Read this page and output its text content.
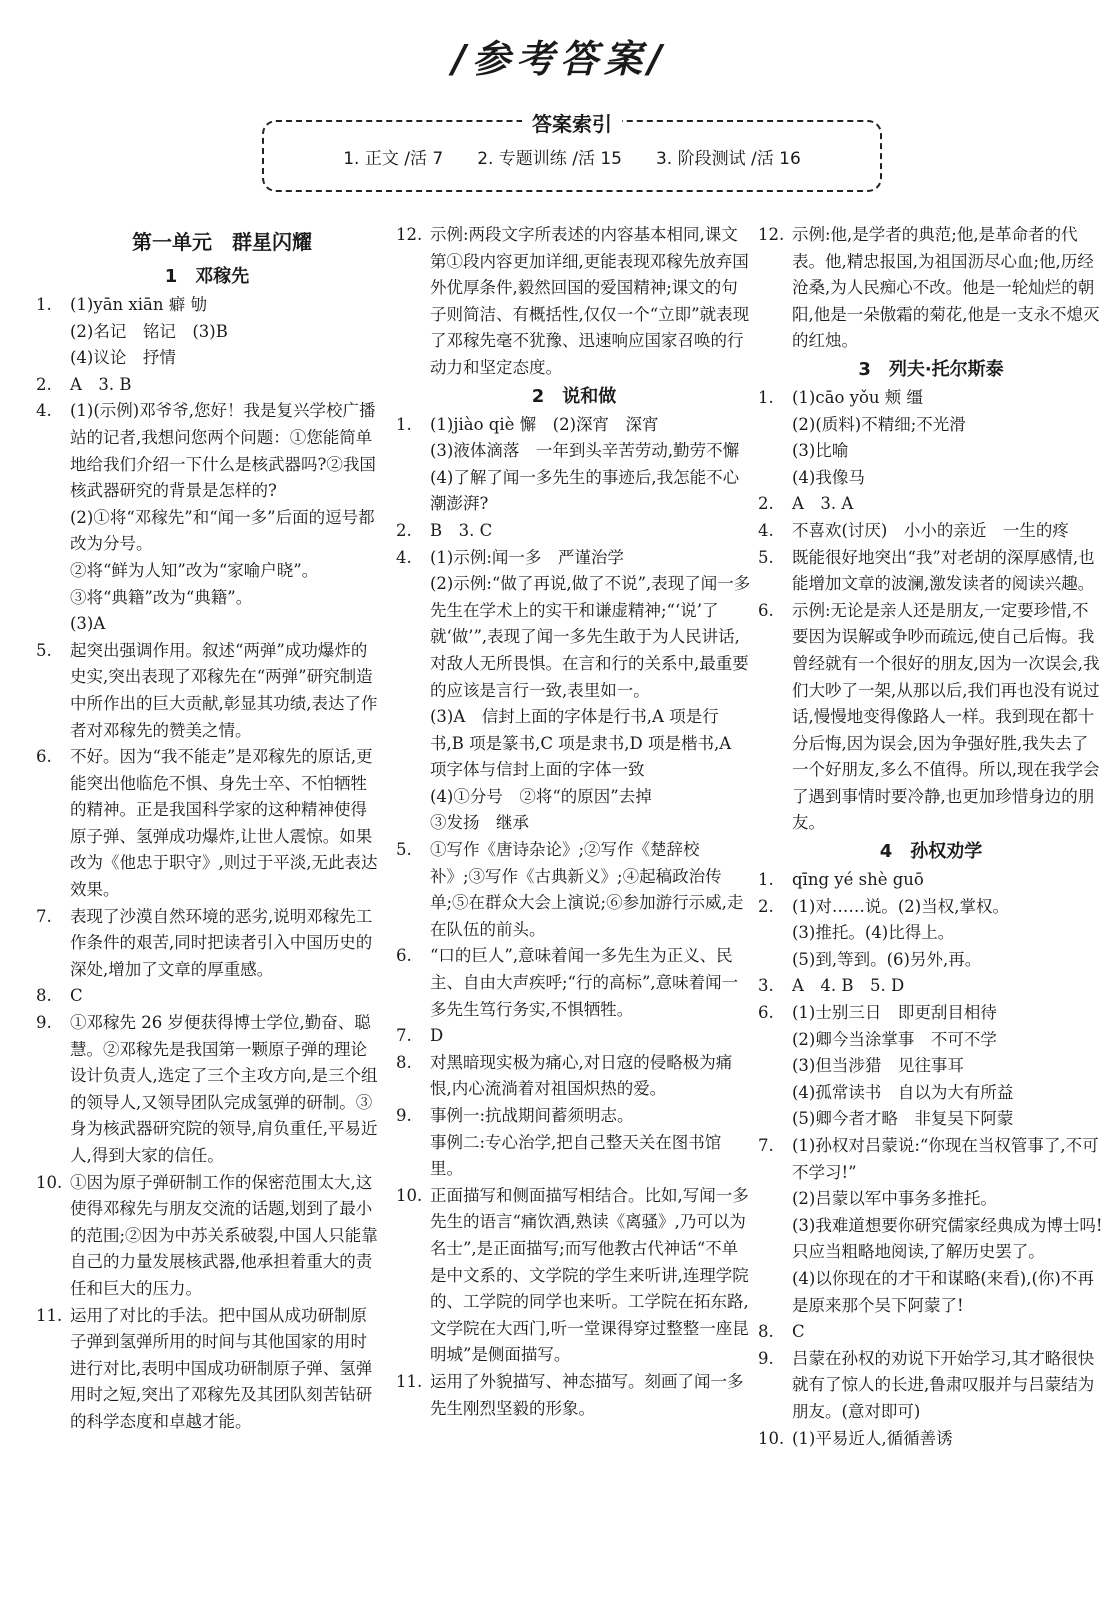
/参考答案/
答案索引
1. 正文 /活 7 2. 专题训练 /活 15 3. 阶段测试 /活 16
第一单元　群星闪耀
1　邓稼先
1.	(1)yān xiān 癖 劬
(2)名记　铭记　(3)B
(4)议论　抒情
2.	A　3. B
4.	(1)(示例)邓爷爷,您好！我是复兴学校广播站的记者,我想问您两个问题：①您能简单地给我们介绍一下什么是核武器吗?②我国核武器研究的背景是怎样的?
(2)①将“邓稼先”和“闻一多”后面的逗号都改为分号。
②将“鲜为人知”改为“家喻户晓”。
③将“典籍”改为“典籍”。
(3)A
5.	起突出强调作用。叙述“两弹”成功爆炸的史实,突出表现了邓稼先在“两弹”研究制造中所作出的巨大贡献,彰显其功绩,表达了作者对邓稼先的赞美之情。
6.	不好。因为“我不能走”是邓稼先的原话,更能突出他临危不惧、身先士卒、不怕牺牲的精神。正是我国科学家的这种精神使得原子弹、氢弹成功爆炸,让世人震惊。如果改为《他忠于职守》,则过于平淡,无此表达效果。
7.	表现了沙漠自然环境的恶劣,说明邓稼先工作条件的艰苦,同时把读者引入中国历史的深处,增加了文章的厚重感。
8.	C
9.	①邓稼先 26 岁便获得博士学位,勤奋、聪慧。②邓稼先是我国第一颗原子弹的理论设计负责人,选定了三个主攻方向,是三个组的领导人,又领导团队完成氢弹的研制。③身为核武器研究院的领导,肩负重任,平易近人,得到大家的信任。
10. ①因为原子弹研制工作的保密范围太大,这使得邓稼先与朋友交流的话题,划到了最小的范围;②因为中苏关系破裂,中国人只能靠自己的力量发展核武器,他承担着重大的责任和巨大的压力。
11. 运用了对比的手法。把中国从成功研制原子弹到氢弹所用的时间与其他国家的用时进行对比,表明中国成功研制原子弹、氢弹用时之短,突出了邓稼先及其团队刻苦钻研的科学态度和卓越才能。
12. 示例:两段文字所表述的内容基本相同,课文第①段内容更加详细,更能表现邓稼先放弃国外优厚条件,毅然回国的爱国精神;课文的句子则简洁、有概括性,仅仅一个“立即”就表现了邓稼先毫不犹豫、迅速响应国家召唤的行动力和坚定态度。
2　说和做
1.	(1)jiào qiè 懈　(2)深宵　深宵
(3)液体滴落　一年到头辛苦劳动,勤劳不懈
(4)了解了闻一多先生的事迹后,我怎能不心潮澎湃?
2.	B　3. C
4.	(1)示例:闻一多　严谨治学
(2)示例:“做了再说,做了不说”,表现了闻一多先生在学术上的实干和谦虚精神;“‘说’了就‘做’”,表现了闻一多先生敢于为人民讲话,对敌人无所畏惧。在言和行的关系中,最重要的应该是言行一致,表里如一。
(3)A　信封上面的字体是行书,A 项是行书,B 项是篆书,C 项是隶书,D 项是楷书,A 项字体与信封上面的字体一致
(4)①分号　②将“的原因”去掉
③发扬　继承
5.	①写作《唐诗杂论》;②写作《楚辞校补》;③写作《古典新义》;④起稿政治传单;⑤在群众大会上演说;⑥参加游行示威,走在队伍的前头。
6.	“口的巨人”,意味着闻一多先生为正义、民主、自由大声疾呼;“行的高标”,意味着闻一多先生笃行务实,不惧牺牲。
7.	D
8.	对黑暗现实极为痛心,对日寇的侵略极为痛恨,内心流淌着对祖国炽热的爱。
9.	事例一:抗战期间蓄须明志。
事例二:专心治学,把自己整天关在图书馆里。
10. 正面描写和侧面描写相结合。比如,写闻一多先生的语言“痛饮酒,熟读《离骚》,乃可以为名士”,是正面描写;而写他教古代神话“不单是中文系的、文学院的学生来听讲,连理学院的、工学院的同学也来听。工学院在拓东路,文学院在大西门,听一堂课得穿过整整一座昆明城”是侧面描写。
11. 运用了外貌描写、神态描写。刻画了闻一多先生刚烈坚毅的形象。
12. 示例:他,是学者的典范;他,是革命者的代表。他,精忠报国,为祖国沥尽心血;他,历经沧桑,为人民痴心不改。他是一轮灿烂的朝阳,他是一朵傲霜的菊花,他是一支永不熄灭的红烛。
3　列夫·托尔斯泰
1.	(1)cāo yǒu 颊 缰
(2)(质料)不精细;不光滑
(3)比喻
(4)我像马
2.	A　3. A
4.	不喜欢(讨厌)　小小的亲近　一生的疼
5.	既能很好地突出“我”对老胡的深厚感情,也能增加文章的波澜,激发读者的阅读兴趣。
6.	示例:无论是亲人还是朋友,一定要珍惜,不要因为误解或争吵而疏远,使自己后悔。我曾经就有一个很好的朋友,因为一次误会,我们大吵了一架,从那以后,我们再也没有说过话,慢慢地变得像路人一样。我到现在都十分后悔,因为误会,因为争强好胜,我失去了一个好朋友,多么不值得。所以,现在我学会了遇到事情时要冷静,也更加珍惜身边的朋友。
4　孙权劝学
1.	qīng yé shè guō
2.	(1)对……说。(2)当权,掌权。
(3)推托。(4)比得上。
(5)到,等到。(6)另外,再。
3.	A　4. B　5. D
6.	(1)士别三日　即更刮目相待
(2)卿今当涂掌事　不可不学
(3)但当涉猎　见往事耳
(4)孤常读书　自以为大有所益
(5)卿今者才略　非复吴下阿蒙
7.	(1)孙权对吕蒙说:“你现在当权管事了,不可不学习!”
(2)吕蒙以军中事务多推托。
(3)我难道想要你研究儒家经典成为博士吗!只应当粗略地阅读,了解历史罢了。
(4)以你现在的才干和谋略(来看),(你)不再是原来那个吴下阿蒙了!
8.	C
9.	吕蒙在孙权的劝说下开始学习,其才略很快就有了惊人的长进,鲁肃叹服并与吕蒙结为朋友。(意对即可)
10. (1)平易近人,循循善诱
